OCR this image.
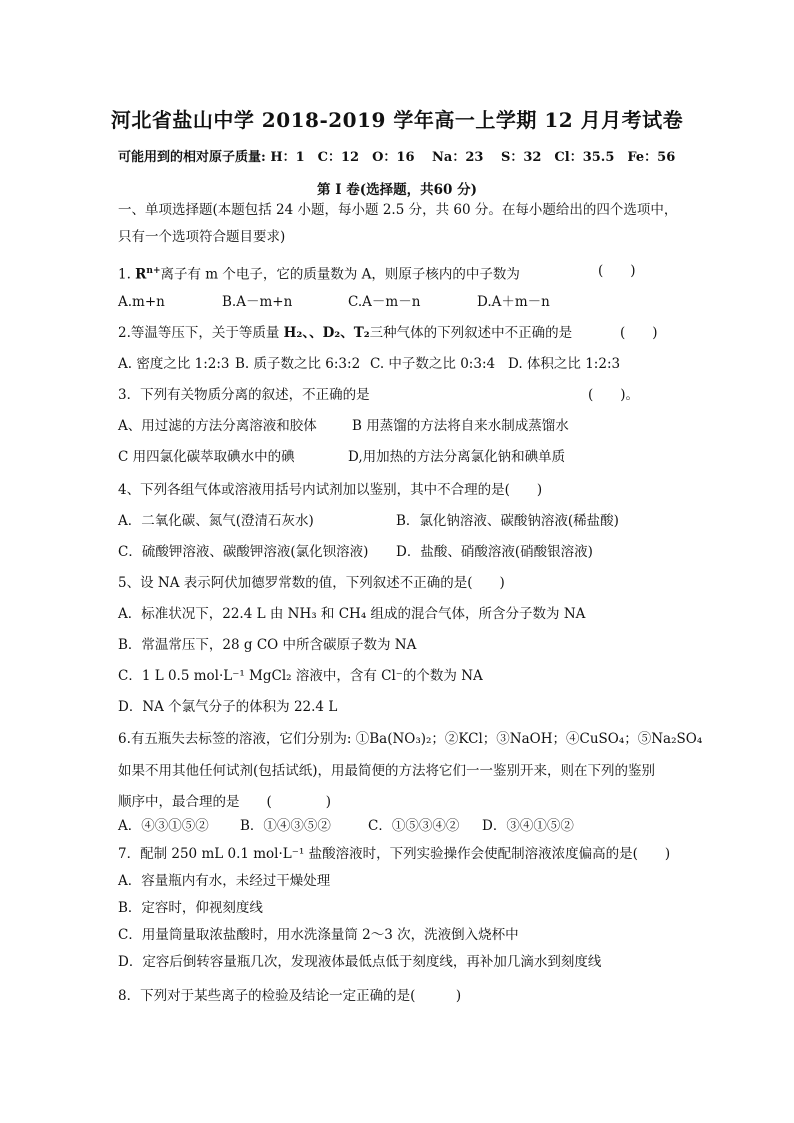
河北省盐山中学 2018-2019 学年高一上学期 12 月月考试卷
可能用到的相对原子质量: H：1　C：12　O：16　 Na：23　 S：32　Cl：35.5　Fe：56
第 I 卷(选择题，共60 分)
一、单项选择题(本题包括 24 小题，每小题 2.5 分，共 60 分。在每小题给出的四个选项中，
只有一个选项符合题目要求)
1. $R^{n+}$离子有 m 个电子，它的质量数为 A，则原子核内的中子数为	(　　)
A.m+n	B.A－m+n	C.A－m－n	D.A＋m－n
2.等温等压下，关于等质量 H₂、、D₂、T₂三种气体的下列叙述中不正确的是	(　　)
A. 密度之比 1:2:3 B. 质子数之比 6:3:2 C. 中子数之比 0:3:4 D. 体积之比 1:2:3
3．下列有关物质分离的叙述，不正确的是	(　　)。
A、用过滤的方法分离溶液和胶体	B 用蒸馏的方法将自来水制成蒸馏水
C 用四氯化碳萃取碘水中的碘	D,用加热的方法分离氯化钠和碘单质
4、下列各组气体或溶液用括号内试剂加以鉴别，其中不合理的是(　　)
A．二氧化碳、氮气(澄清石灰水)	B．氯化钠溶液、碳酸钠溶液(稀盐酸)
C．硫酸钾溶液、碳酸钾溶液(氯化钡溶液) D．盐酸、硝酸溶液(硝酸银溶液)
5、设 NA 表示阿伏加德罗常数的值，下列叙述不正确的是(　　)
A．标准状况下，22.4 L 由 NH₃ 和 CH₄ 组成的混合气体，所含分子数为 NA
B．常温常压下，28 g CO 中所含碳原子数为 NA
C．1 L 0.5 mol·L⁻¹ MgCl₂ 溶液中，含有 Cl⁻的个数为 NA
D．NA 个氯气分子的体积为 22.4 L
6.有五瓶失去标签的溶液，它们分别为: ①Ba(NO₃)₂；②KCl；③NaOH；④CuSO₄；⑤Na₂SO₄
如果不用其他任何试剂(包括试纸)，用最简便的方法将它们一一鉴别开来，则在下列的鉴别
顺序中，最合理的是　　(　　　　)
A．④③①⑤② B．①④③⑤②	C．①⑤③④② D．③④①⑤②
7．配制 250 mL 0.1 mol·L⁻¹ 盐酸溶液时，下列实验操作会使配制溶液浓度偏高的是(　　)
A．容量瓶内有水，未经过干燥处理
B．定容时，仰视刻度线
C．用量筒量取浓盐酸时，用水洗涤量筒 2～3 次，洗液倒入烧杯中
D．定容后倒转容量瓶几次，发现液体最低点低于刻度线，再补加几滴水到刻度线
8．下列对于某些离子的检验及结论一定正确的是(　　　)
